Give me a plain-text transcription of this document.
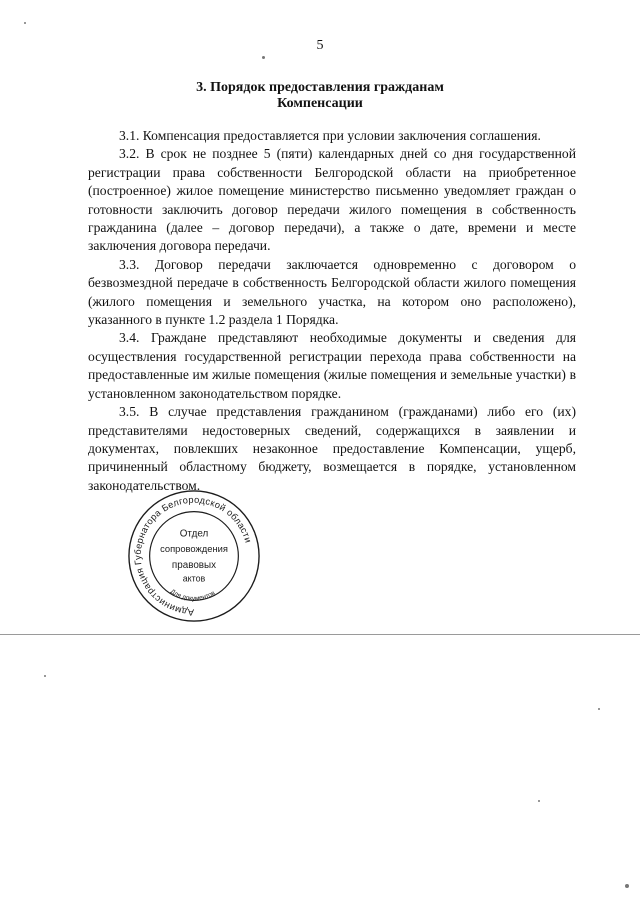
5
3. Порядок предоставления гражданам
Компенсации

3.1. Компенсация предоставляется при условии заключения соглашения.

3.2. В срок не позднее 5 (пяти) календарных дней со дня государственной регистрации права собственности Белгородской области на приобретенное (построенное) жилое помещение министерство письменно уведомляет граждан о готовности заключить договор передачи жилого помещения в собственность гражданина (далее – договор передачи), а также о дате, времени и месте заключения договора передачи.

3.3. Договор передачи заключается одновременно с договором о безвозмездной передаче в собственность Белгородской области жилого помещения (жилого помещения и земельного участка, на котором оно расположено), указанного в пункте 1.2 раздела 1 Порядка.

3.4. Граждане представляют необходимые документы и сведения для осуществления государственной регистрации перехода права собственности на предоставленные им жилые помещения (жилые помещения и земельные участки) в установленном законодательством порядке.

3.5. В случае представления гражданином (гражданами) либо его (их) представителями недостоверных сведений, содержащихся в заявлении и документах, повлекших незаконное предоставление Компенсации, ущерб, причиненный областному бюджету, возмещается в порядке, установленном законодательством.

Администрация Губернатора Белгородской области
Для документов
Отдел
сопровождения
правовых
актов
